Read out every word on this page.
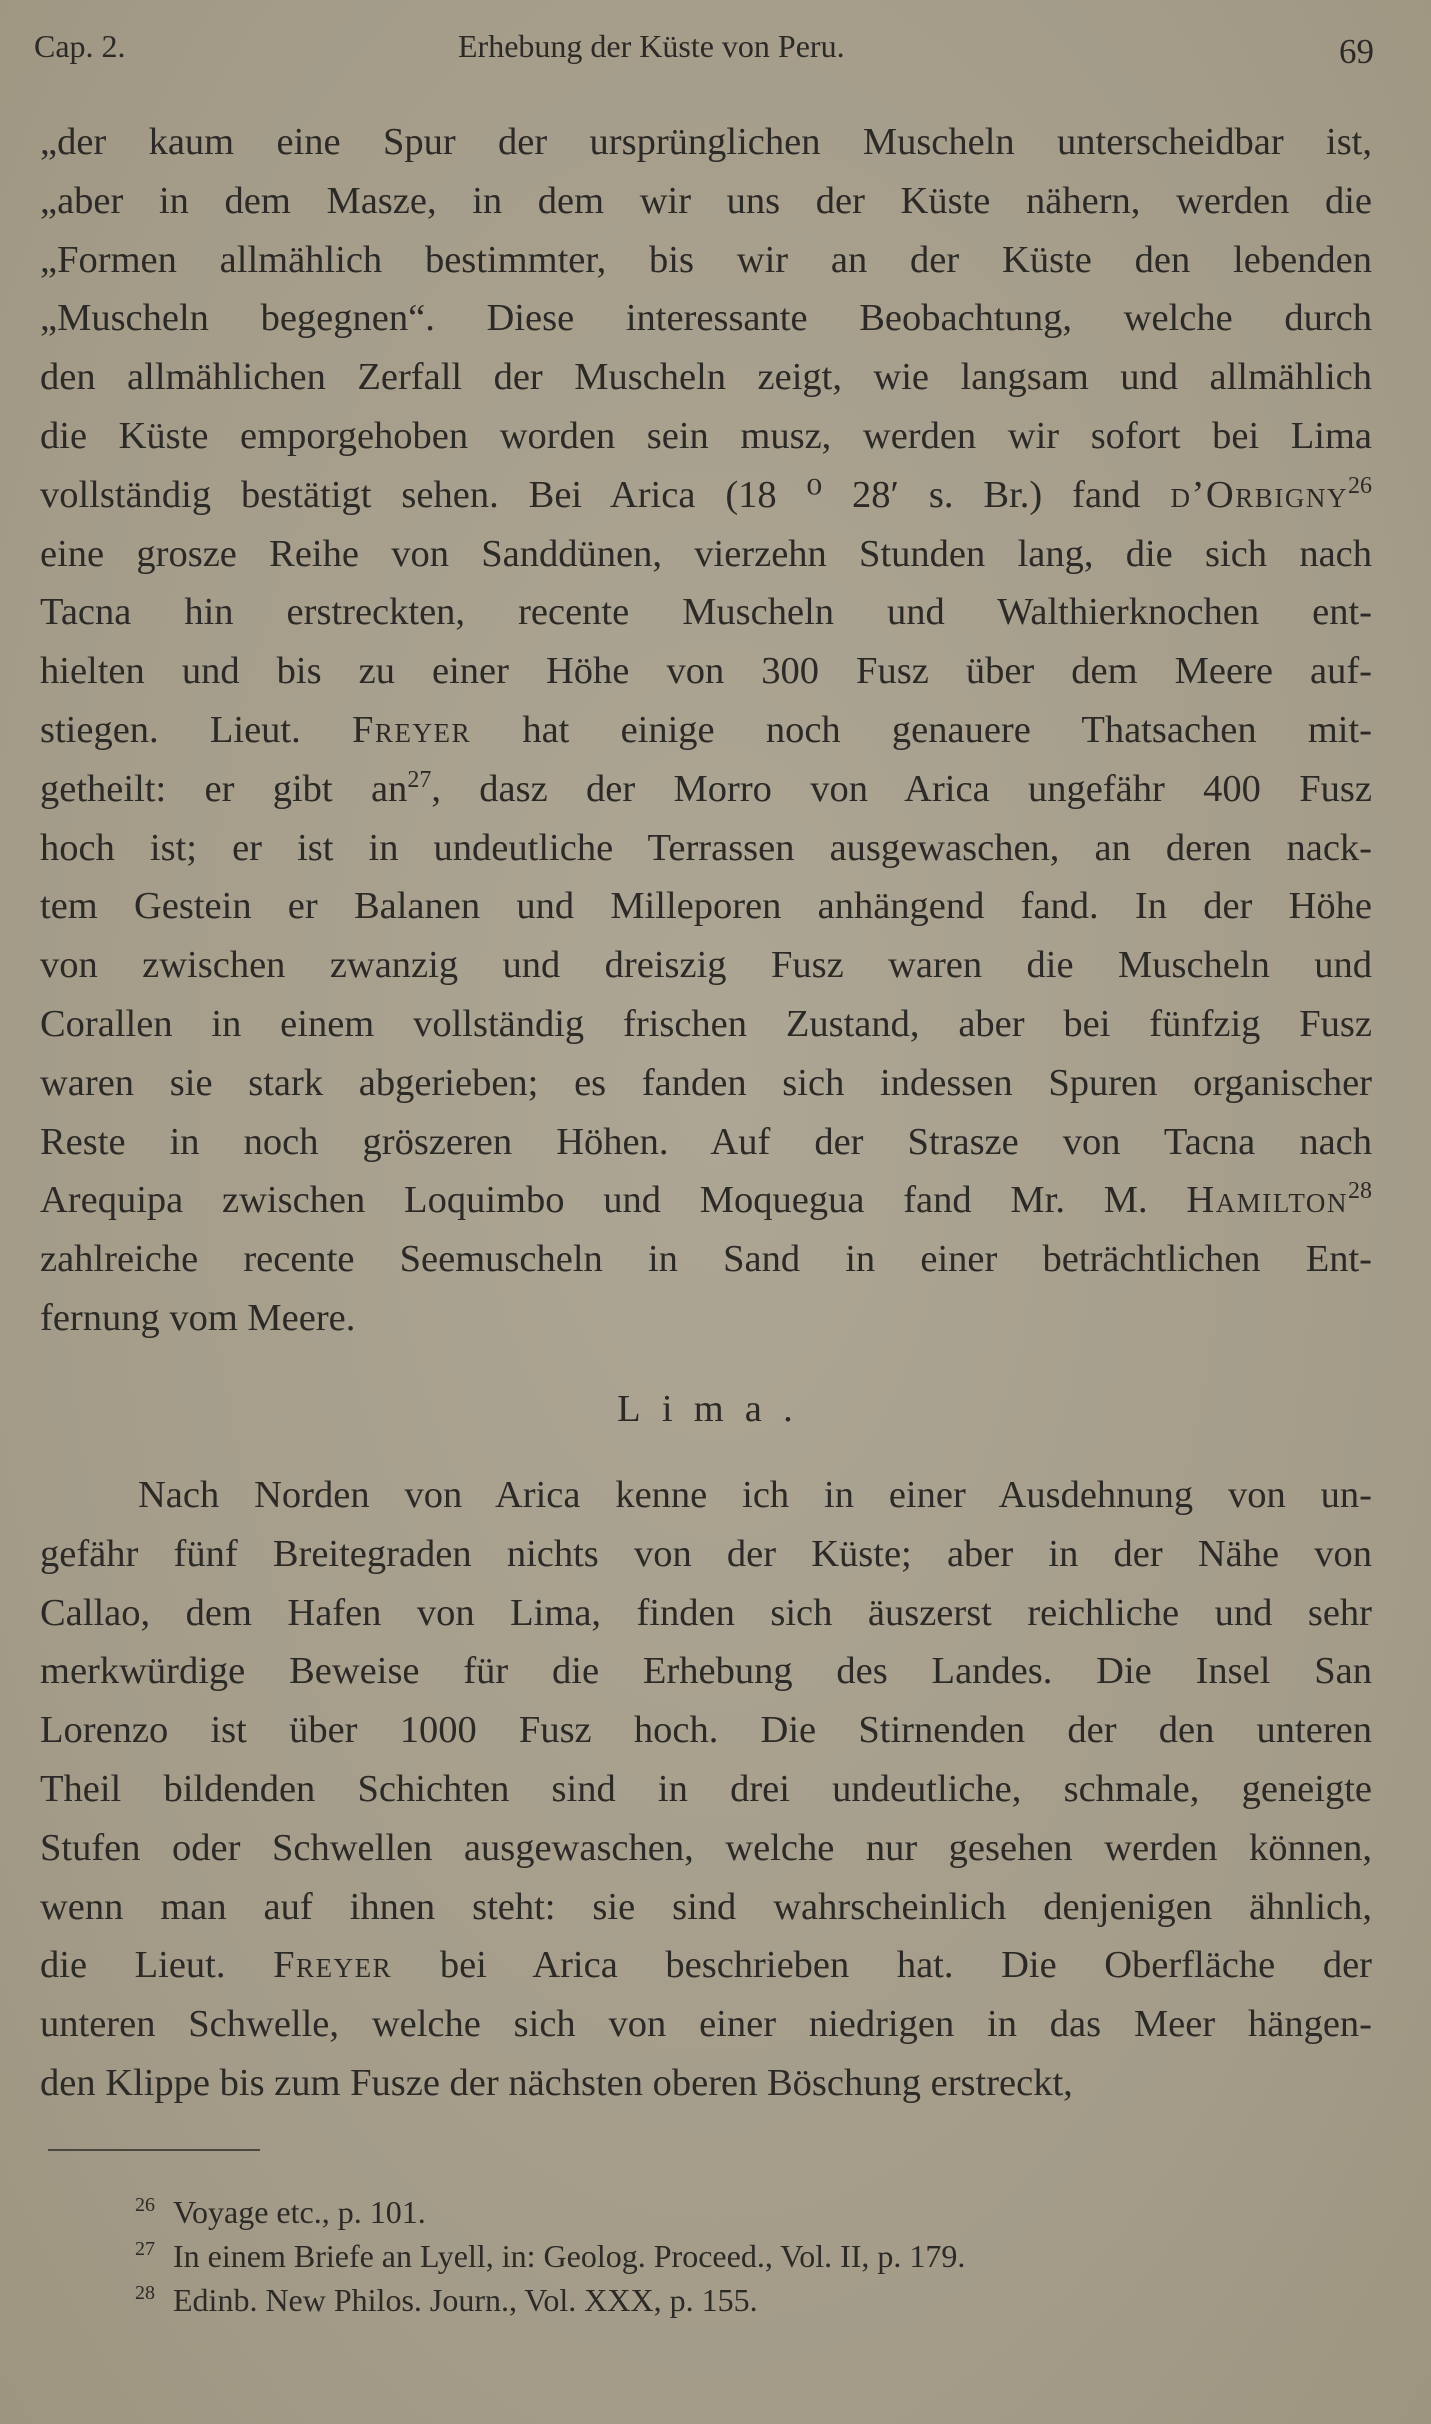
Cap. 2.	Erhebung der Küste von Peru.	69
„der kaum eine Spur der ursprünglichen Muscheln unterscheidbar ist,
„aber in dem Masze, in dem wir uns der Küste nähern, werden die
„Formen allmählich bestimmter, bis wir an der Küste den lebenden
„Muscheln begegnen“. Diese interessante Beobachtung, welche durch
den allmählichen Zerfall der Muscheln zeigt, wie langsam und allmählich
die Küste emporgehoben worden sein musz, werden wir sofort bei Lima
vollständig bestätigt sehen. Bei Arica (18 ⁰ 28′ s. Br.) fand d’Orbigny$^{26}$
eine grosze Reihe von Sanddünen, vierzehn Stunden lang, die sich nach
Tacna hin erstreckten, recente Muscheln und Walthierknochen ent-
hielten und bis zu einer Höhe von 300 Fusz über dem Meere auf-
stiegen. Lieut. Freyer hat einige noch genauere Thatsachen mit-
getheilt: er gibt $an^{27}$, dasz der Morro von Arica ungefähr 400 Fusz
hoch ist; er ist in undeutliche Terrassen ausgewaschen, an deren nack-
tem Gestein er Balanen und Milleporen anhängend fand. In der Höhe
von zwischen zwanzig und dreiszig Fusz waren die Muscheln und
Corallen in einem vollständig frischen Zustand, aber bei fünfzig Fusz
waren sie stark abgerieben; es fanden sich indessen Spuren organischer
Reste in noch gröszeren Höhen. Auf der Strasze von Tacna nach
Arequipa zwischen Loquimbo und Moquegua fand Mr. M. Hamilton$^{28}$
zahlreiche recente Seemuscheln in Sand in einer beträchtlichen Ent-
fernung vom Meere.
Lima.
Nach Norden von Arica kenne ich in einer Ausdehnung von un-
gefähr fünf Breitegraden nichts von der Küste; aber in der Nähe von
Callao, dem Hafen von Lima, finden sich äuszerst reichliche und sehr
merkwürdige Beweise für die Erhebung des Landes. Die Insel San
Lorenzo ist über 1000 Fusz hoch. Die Stirnenden der den unteren
Theil bildenden Schichten sind in drei undeutliche, schmale, geneigte
Stufen oder Schwellen ausgewaschen, welche nur gesehen werden können,
wenn man auf ihnen steht: sie sind wahrscheinlich denjenigen ähnlich,
die Lieut. Freyer bei Arica beschrieben hat. Die Oberfläche der
unteren Schwelle, welche sich von einer niedrigen in das Meer hängen-
den Klippe bis zum Fusze der nächsten oberen Böschung erstreckt,
$^{26}$ Voyage etc., p. 101.
$^{27}$ In einem Briefe an Lyell, in: Geolog. Proceed., Vol. II, p. 179.
$^{28}$ Edinb. New Philos. Journ., Vol. XXX, p. 155.
